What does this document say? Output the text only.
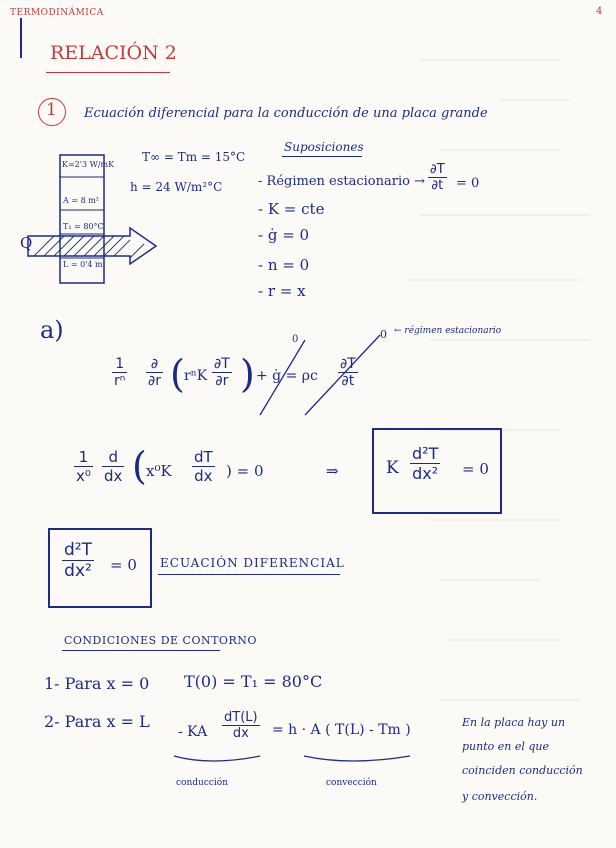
TERMODINÁMICA	4
RELACIÓN 2
1 Ecuación diferencial para la conducción de una placa grande
K=2'3 W/mK
A = 8 m²
T₁ = 80°C
L = 0'4 m
Q
T∞ = Tm = 15°C
h = 24 W/m²°C
Suposiciones
- Régimen estacionario → $\frac{\partial T}{\partial t} = 0$
- K = cte
- ġ = 0
- n = 0
- r = x
a)	0	0 ← régimen estacionario
$\frac{1}{\text{rⁿ}}$	∂
∂r ( rⁿK $\frac{\partial T}{\partial r}$ ) + ġ = ρc $\frac{\partial T}{\partial t}$
$\frac{1}{\text{x⁰}} \frac{d}{dx}$ ( $x^0K \frac{dT}{dx}$ ) = 0	⇒	K $\frac{\text{d²T}}{\text{dx²}} = 0$
$\frac{\text{d²T}}{\text{dx²}} = 0$ ECUACIÓN DIFERENCIAL
CONDICIONES DE CONTORNO
1- Para x = 0 T(0) = T₁ = 80°C
2- Para x = L
- KA $\frac{dT(L)}{dx} = h \cdot A$ ( T(L) - Tm )
conducción	convección
En la placa hay un
punto en el que
coinciden conducción
y convección.
